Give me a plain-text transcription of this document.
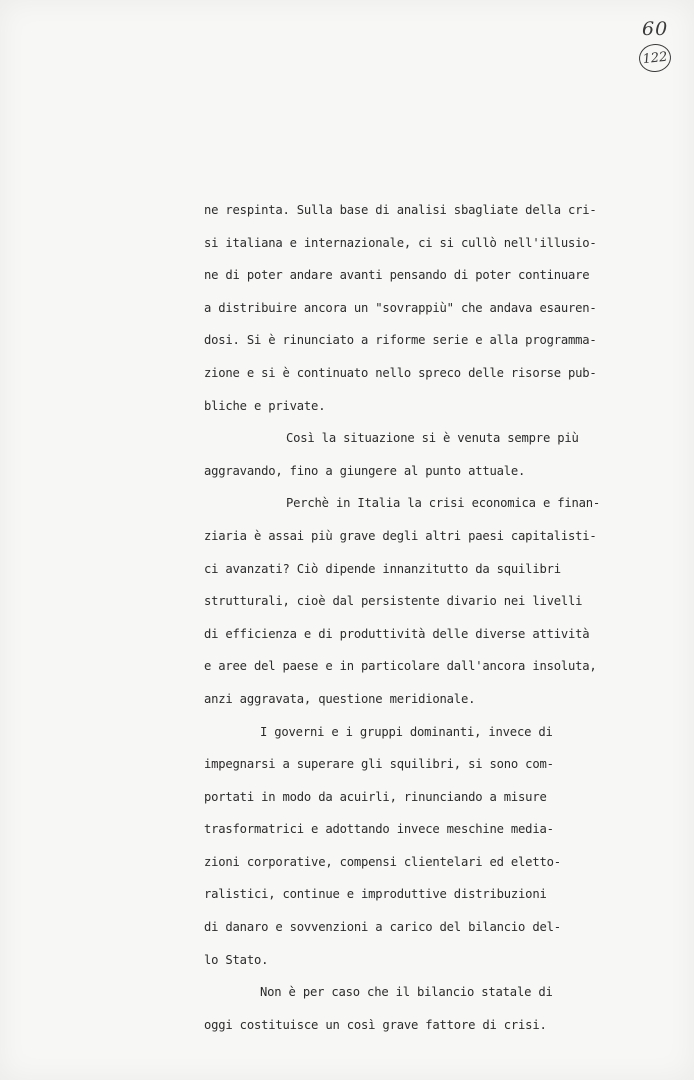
60
122
ne respinta. Sulla base di analisi sbagliate della cri-
si italiana e internazionale, ci si cullò nell'illusio-
ne di poter andare avanti pensando di poter continuare
a distribuire ancora un "sovrappiù" che andava esauren-
dosi. Si è rinunciato a riforme serie e alla programma-
zione e si è continuato nello spreco delle risorse pub-
bliche e private.
Così la situazione si è venuta sempre più
aggravando, fino a giungere al punto attuale.
Perchè in Italia la crisi economica e finan-
ziaria è assai più grave degli altri paesi capitalisti-
ci avanzati? Ciò dipende innanzitutto da squilibri
strutturali, cioè dal persistente divario nei livelli
di efficienza e di produttività delle diverse attività
e aree del paese e in particolare dall'ancora insoluta,
anzi aggravata, questione meridionale.
I governi e i gruppi dominanti, invece di
impegnarsi a superare gli squilibri, si sono com-
portati in modo da acuirli, rinunciando a misure
trasformatrici e adottando invece meschine media-
zioni corporative, compensi clientelari ed eletto-
ralistici, continue e improduttive distribuzioni
di danaro e sovvenzioni a carico del bilancio del-
lo Stato.
Non è per caso che il bilancio statale di
oggi costituisce un così grave fattore di crisi.
